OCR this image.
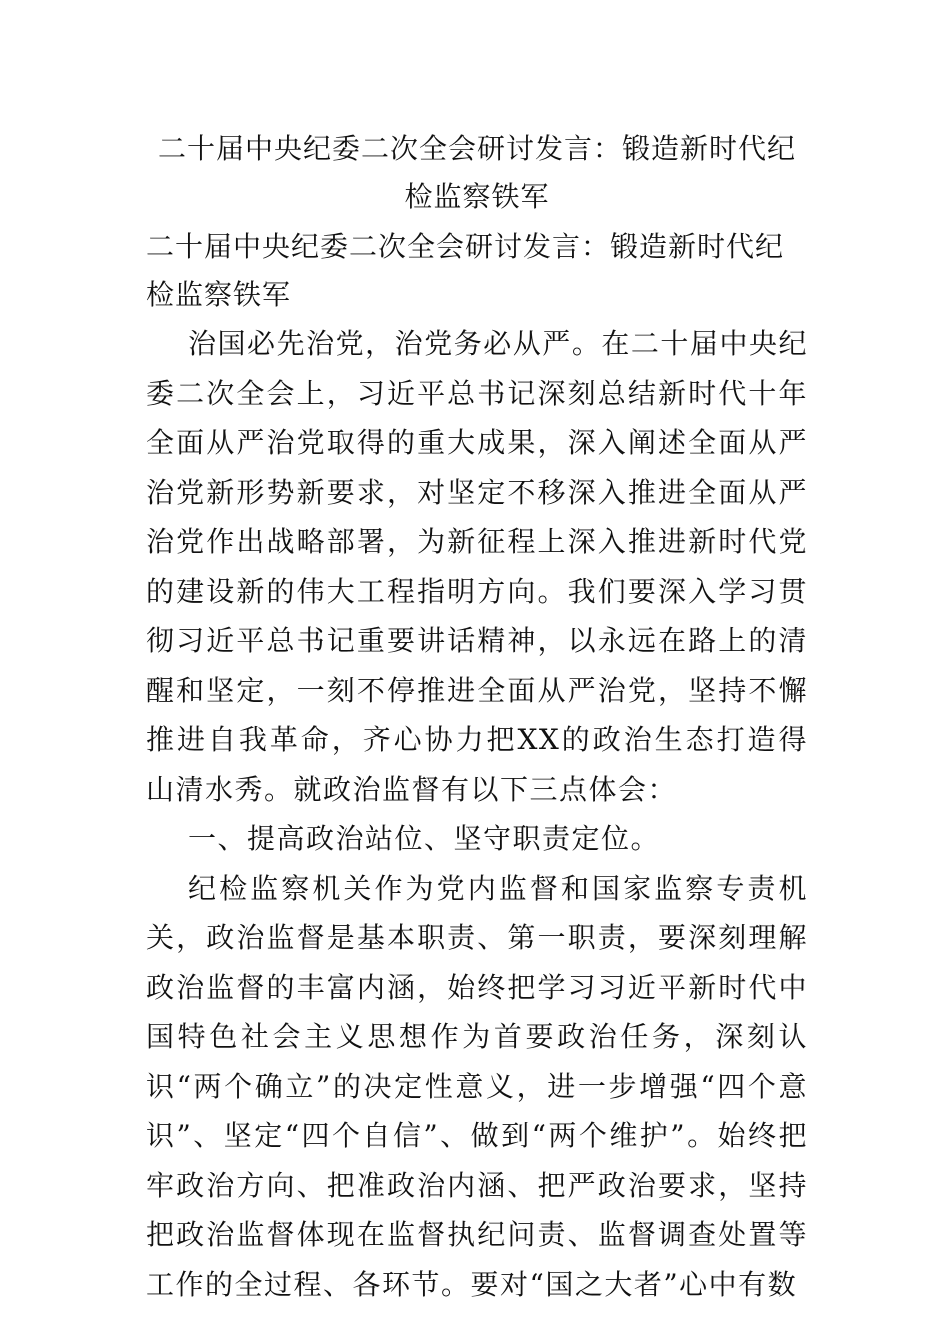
二十届中央纪委二次全会研讨发言：锻造新时代纪检监察铁军

二十届中央纪委二次全会研讨发言：锻造新时代纪检监察铁军

治国必先治党，治党务必从严。在二十届中央纪委二次全会上，习近平总书记深刻总结新时代十年全面从严治党取得的重大成果，深入阐述全面从严治党新形势新要求，对坚定不移深入推进全面从严治党作出战略部署，为新征程上深入推进新时代党的建设新的伟大工程指明方向。我们要深入学习贯彻习近平总书记重要讲话精神，以永远在路上的清醒和坚定，一刻不停推进全面从严治党，坚持不懈推进自我革命，齐心协力把XX的政治生态打造得山清水秀。就政治监督有以下三点体会：

一、提高政治站位、坚守职责定位。

纪检监察机关作为党内监督和国家监察专责机关，政治监督是基本职责、第一职责，要深刻理解政治监督的丰富内涵，始终把学习习近平新时代中国特色社会主义思想作为首要政治任务，深刻认识“两个确立”的决定性意义，进一步增强“四个意识”、坚定“四个自信”、做到“两个维护”。始终把牢政治方向、把准政治内涵、把严政治要求，坚持把政治监督体现在监督执纪问责、监督调查处置等工作的全过程、各环节。要对“国之大者”心中有数
